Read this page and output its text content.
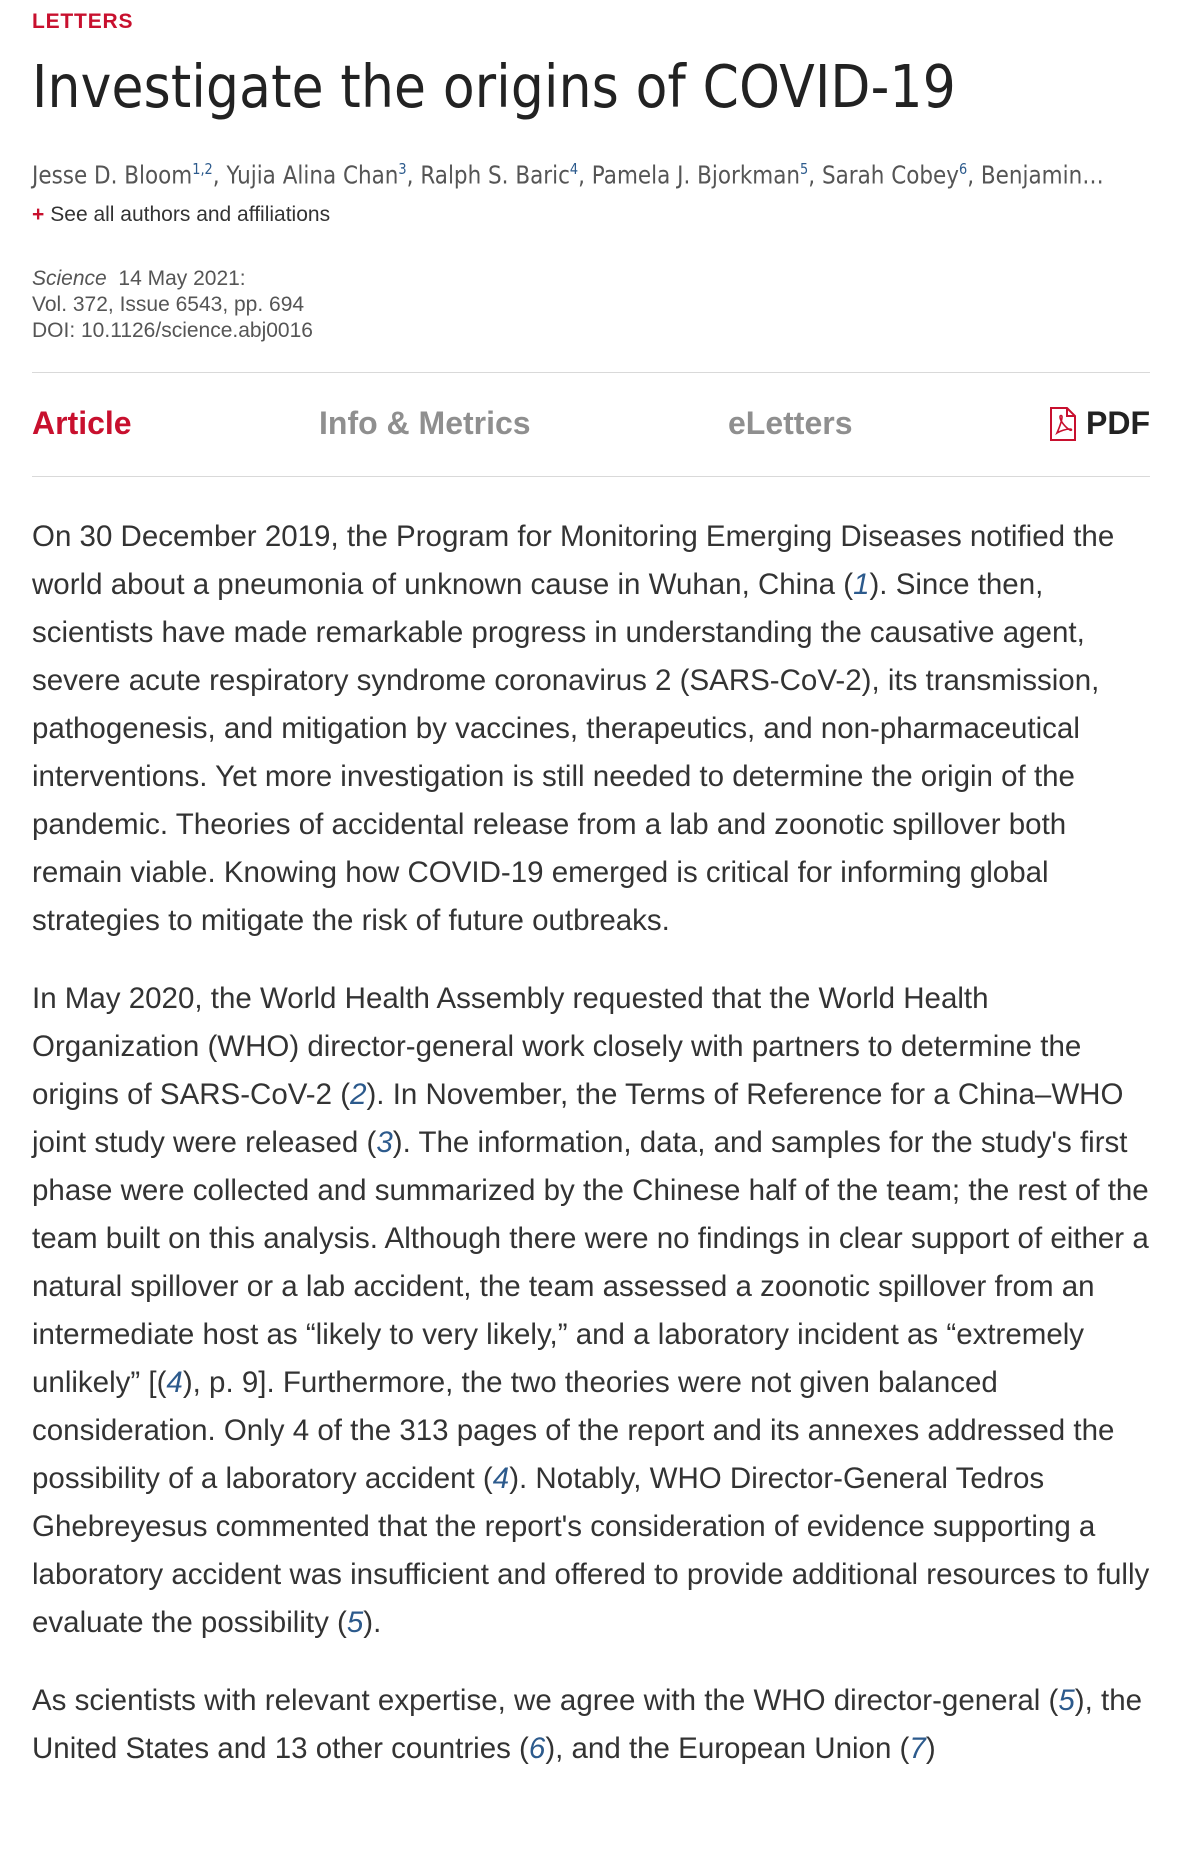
LETTERS
Investigate the origins of COVID-19
Jesse D. Bloom$^{1,2}$, Yujia Alina Chan$^3$, Ralph S. Baric$^4$, Pamela J. Bjorkman$^5$, Sarah Cobey$^6$, Benjamin…
+ See all authors and affiliations
Science 14 May 2021:
Vol. 372, Issue 6543, pp. 694
DOI: 10.1126/science.abj0016
Article	Info & Metrics	eLetters	PDF

On 30 December 2019, the Program for Monitoring Emerging Diseases notified the world about a pneumonia of unknown cause in Wuhan, China (1). Since then, scientists have made remarkable progress in understanding the causative agent, severe acute respiratory syndrome coronavirus 2 (SARS-CoV-2), its transmission, pathogenesis, and mitigation by vaccines, therapeutics, and non-pharmaceutical interventions. Yet more investigation is still needed to determine the origin of the pandemic. Theories of accidental release from a lab and zoonotic spillover both remain viable. Knowing how COVID-19 emerged is critical for informing global strategies to mitigate the risk of future outbreaks.

In May 2020, the World Health Assembly requested that the World Health Organization (WHO) director-general work closely with partners to determine the origins of SARS-CoV-2 (2). In November, the Terms of Reference for a China–WHO joint study were released (3). The information, data, and samples for the study's first phase were collected and summarized by the Chinese half of the team; the rest of the team built on this analysis. Although there were no findings in clear support of either a natural spillover or a lab accident, the team assessed a zoonotic spillover from an intermediate host as “likely to very likely,” and a laboratory incident as “extremely unlikely” [(4), p. 9]. Furthermore, the two theories were not given balanced consideration. Only 4 of the 313 pages of the report and its annexes addressed the possibility of a laboratory accident (4). Notably, WHO Director-General Tedros Ghebreyesus commented that the report's consideration of evidence supporting a laboratory accident was insufficient and offered to provide additional resources to fully evaluate the possibility (5).

As scientists with relevant expertise, we agree with the WHO director-general (5), the United States and 13 other countries (6), and the European Union (7)
